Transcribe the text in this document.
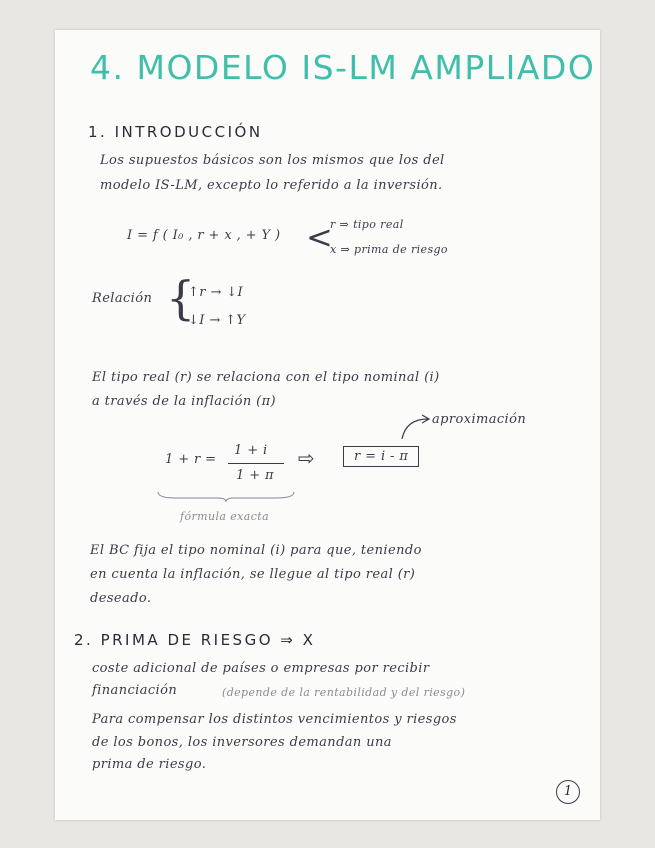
4. MODELO IS-LM AMPLIADO
1. INTRODUCCIÓN
Los supuestos básicos son los mismos que los del
modelo IS-LM, excepto lo referido a la inversión.
I = f ( I₀ , r + x , + Y ) <
r ⇒ tipo real
x ⇒ prima de riesgo
Relación {
↑r → ↓I
↓I → ↑Y
El tipo real (r) se relaciona con el tipo nominal (i)
a través de la inflación (π)
aproximación
1 + r =
1 + i
1 + π
⇨	r = i - π
fórmula exacta
El BC fija el tipo nominal (i) para que, teniendo
en cuenta la inflación, se llegue al tipo real (r)
deseado.
2. PRIMA DE RIESGO ⇒ X
coste adicional de países o empresas por recibir
financiación	(depende de la rentabilidad y del riesgo)
Para compensar los distintos vencimientos y riesgos
de los bonos, los inversores demandan una
prima de riesgo.
1
